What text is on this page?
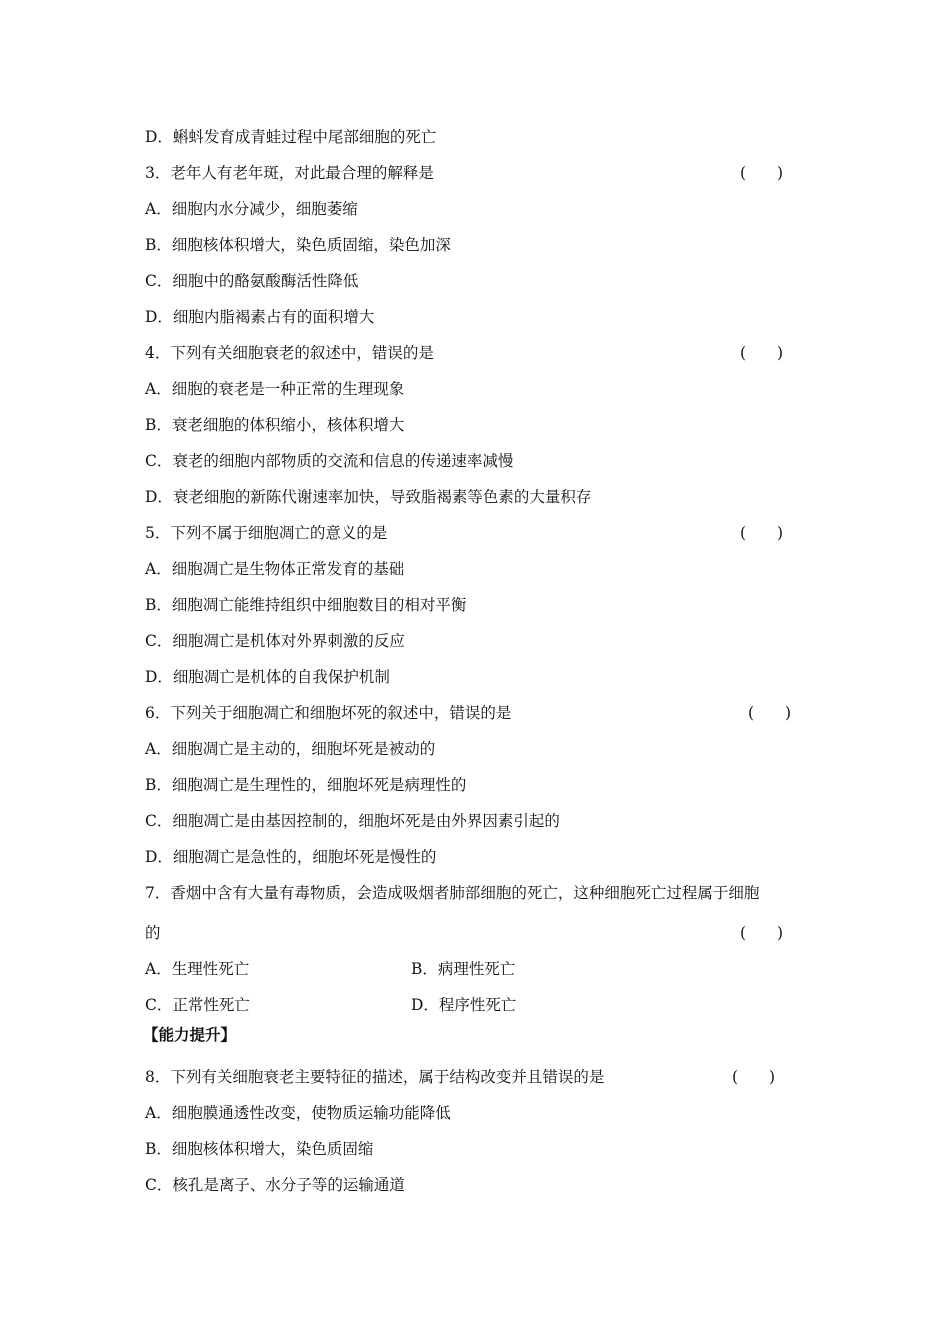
D．蝌蚪发育成青蛙过程中尾部细胞的死亡
3．老年人有老年斑，对此最合理的解释是	(　　)
A．细胞内水分减少，细胞萎缩
B．细胞核体积增大，染色质固缩，染色加深
C．细胞中的酪氨酸酶活性降低
D．细胞内脂褐素占有的面积增大
4．下列有关细胞衰老的叙述中，错误的是	(　　)
A．细胞的衰老是一种正常的生理现象
B．衰老细胞的体积缩小，核体积增大
C．衰老的细胞内部物质的交流和信息的传递速率减慢
D．衰老细胞的新陈代谢速率加快，导致脂褐素等色素的大量积存
5．下列不属于细胞凋亡的意义的是	(　　)
A．细胞凋亡是生物体正常发育的基础
B．细胞凋亡能维持组织中细胞数目的相对平衡
C．细胞凋亡是机体对外界刺激的反应
D．细胞凋亡是机体的自我保护机制
6．下列关于细胞凋亡和细胞坏死的叙述中，错误的是	(　　)
A．细胞凋亡是主动的，细胞坏死是被动的
B．细胞凋亡是生理性的，细胞坏死是病理性的
C．细胞凋亡是由基因控制的，细胞坏死是由外界因素引起的
D．细胞凋亡是急性的，细胞坏死是慢性的
7．香烟中含有大量有毒物质，会造成吸烟者肺部细胞的死亡，这种细胞死亡过程属于细胞
的	(　　)
A．生理性死亡	B．病理性死亡
C．正常性死亡	D．程序性死亡
【能力提升】
8．下列有关细胞衰老主要特征的描述，属于结构改变并且错误的是	(　　)
A．细胞膜通透性改变，使物质运输功能降低
B．细胞核体积增大，染色质固缩
C．核孔是离子、水分子等的运输通道
